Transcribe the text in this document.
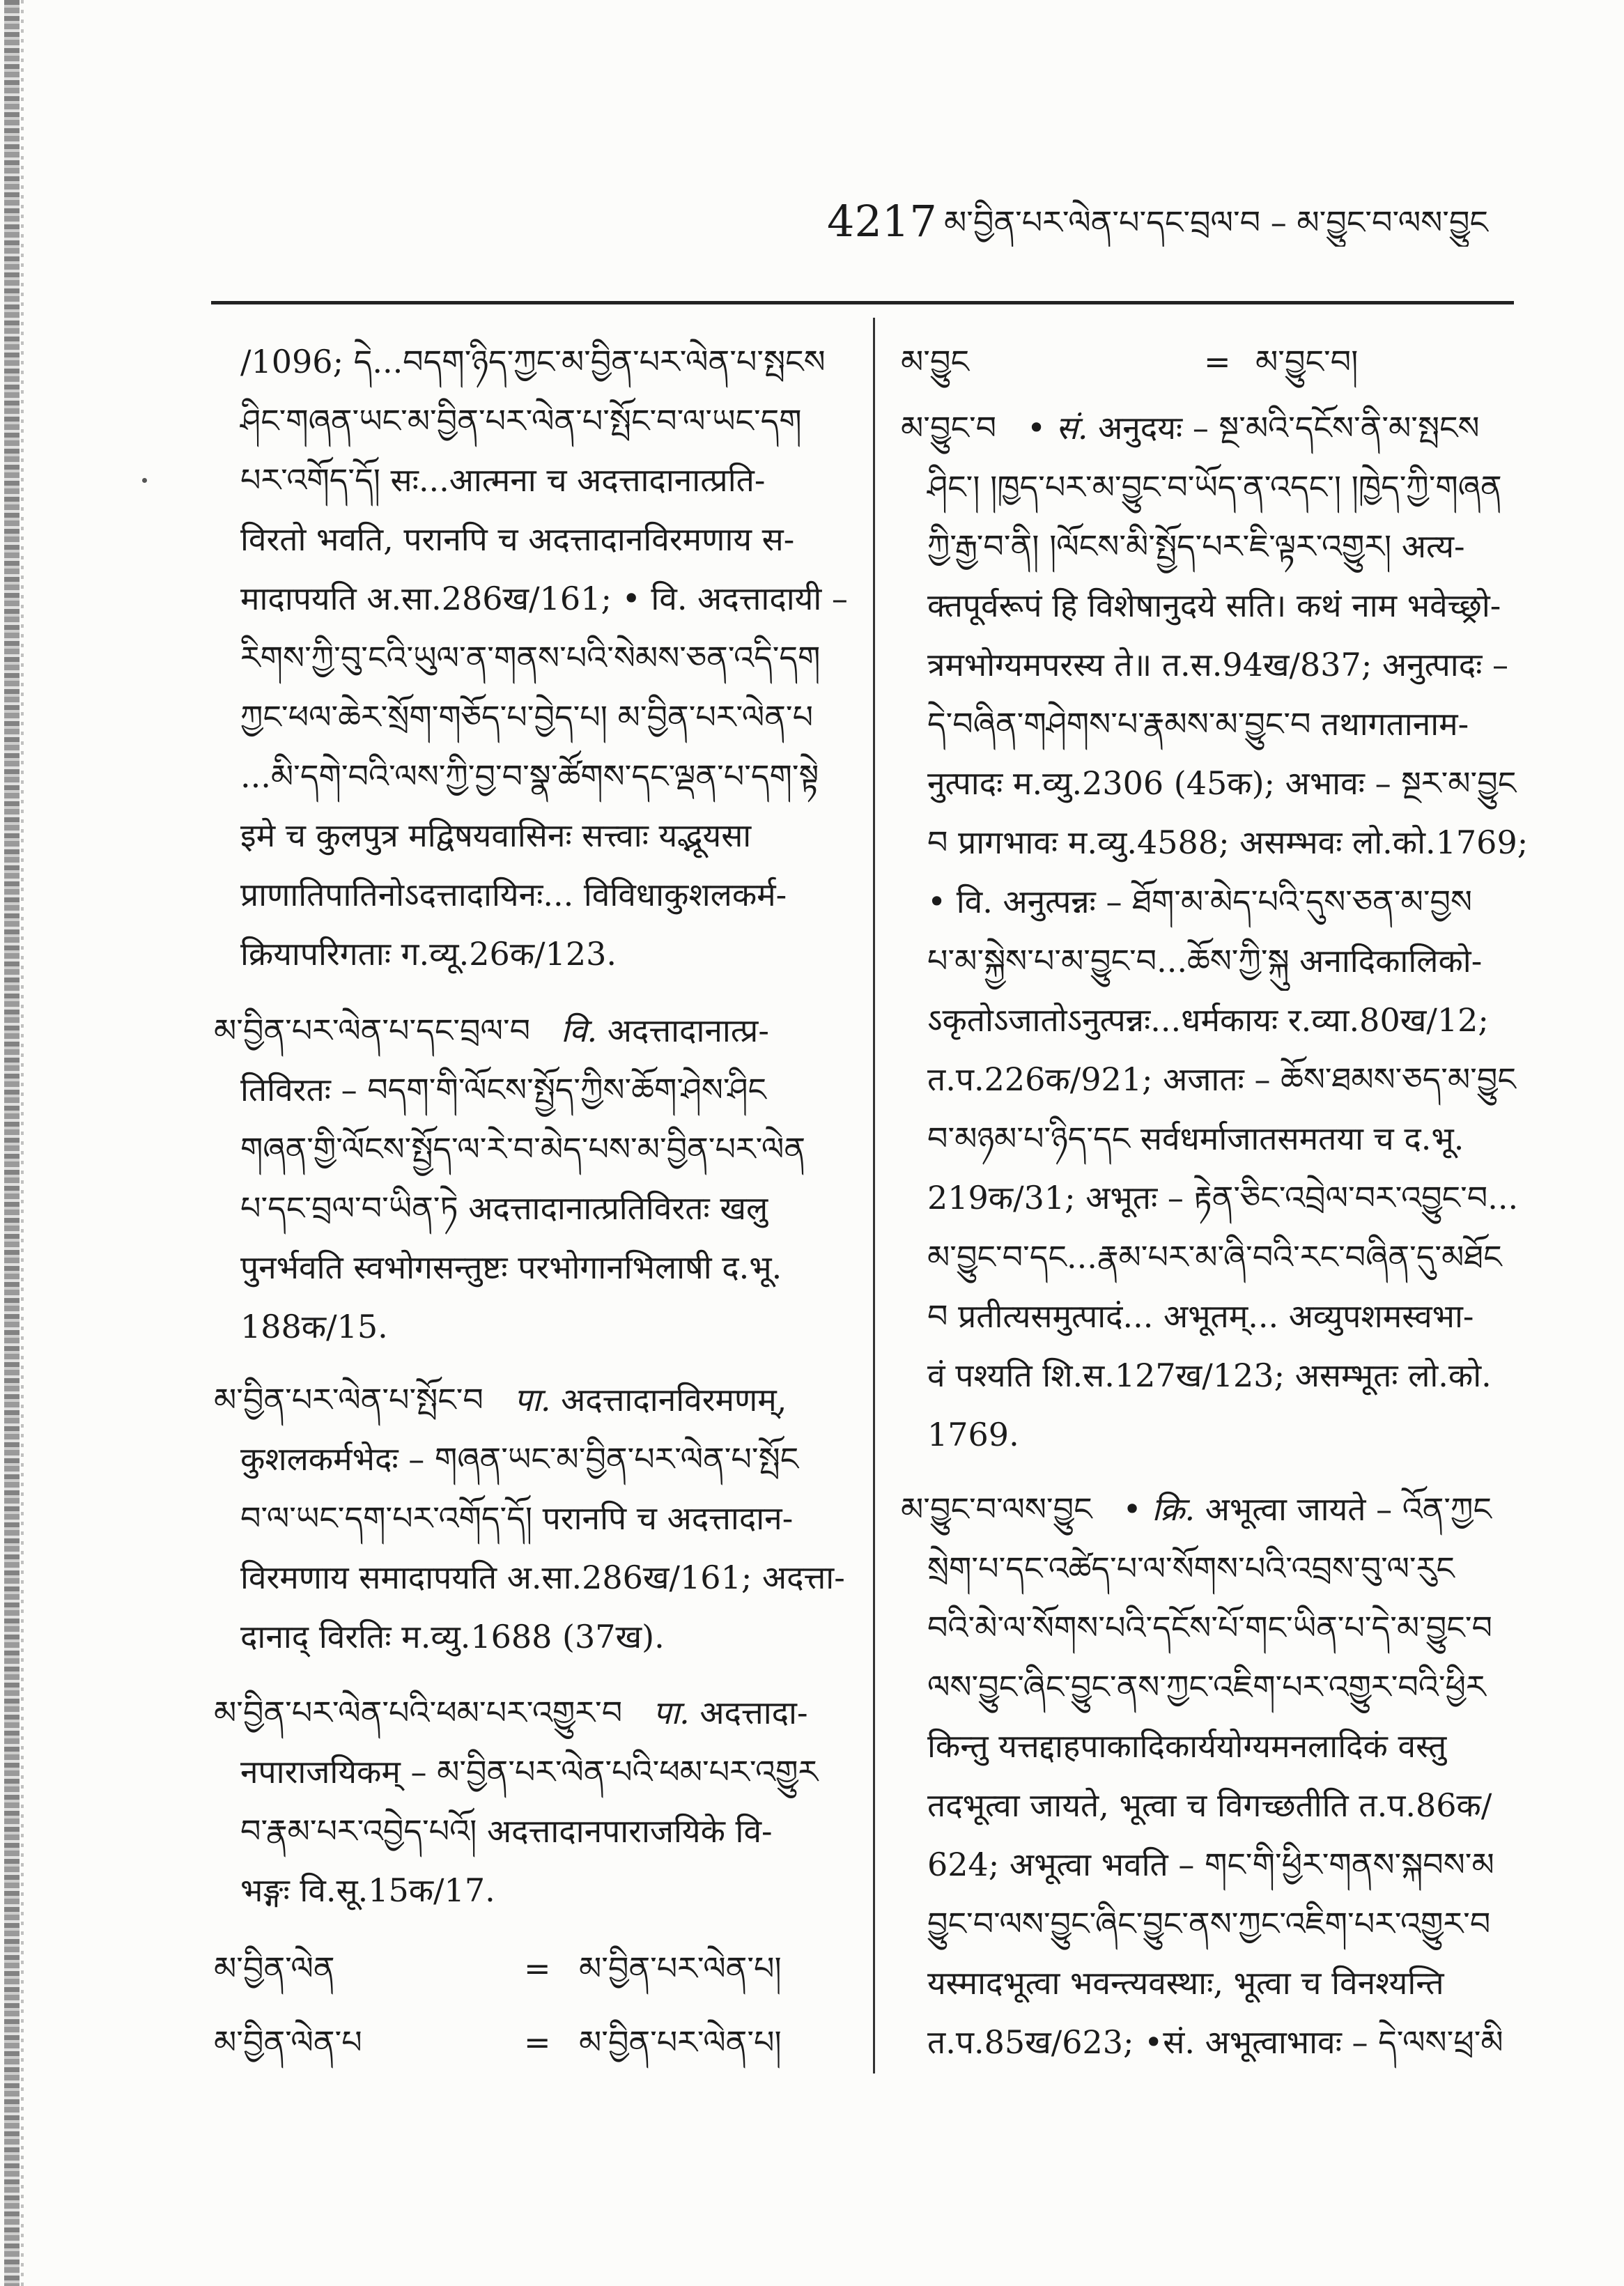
4217 མ་བྱིན་པར་ལེན་པ་དང་བྲལ་བ – མ་བྱུང་བ་ལས་བྱུང
/1096; དེ...བདག་ཉིད་ཀྱང་མ་བྱིན་པར་ལེན་པ་སྤངས
ཤིང་གཞན་ཡང་མ་བྱིན་པར་ལེན་པ་སྤོང་བ་ལ་ཡང་དག
པར་འགོད་དོ། सः...आत्मना च अदत्तादानात्प्रति-
विरतो भवति, परानपि च अदत्तादानविरमणाय स-
मादापयति अ.सा.286ख/161; • वि. अदत्तादायी –
རིགས་ཀྱི་བུ་ངའི་ཡུལ་ན་གནས་པའི་སེམས་ཅན་འདི་དག
ཀྱང་ཕལ་ཆེར་སྲོག་གཅོད་པ་བྱེད་པ། མ་བྱིན་པར་ལེན་པ
...མི་དགེ་བའི་ལས་ཀྱི་བྱ་བ་སྣ་ཚོགས་དང་ལྡན་པ་དག་སྟེ
इमे च कुलपुत्र मद्विषयवासिनः सत्त्वाः यद्भूयसा
प्राणातिपातिनोऽदत्तादायिनः... विविधाकुशलकर्म-
क्रियापरिगताः ग.व्यू.26क/123.
མ་བྱིན་པར་ལེན་པ་དང་བྲལ་བ वि. अदत्तादानात्प्र-
तिविरतः – བདག་གི་ལོངས་སྤྱོད་ཀྱིས་ཆོག་ཤེས་ཤིང
གཞན་གྱི་ལོངས་སྤྱོད་ལ་རེ་བ་མེད་པས་མ་བྱིན་པར་ལེན
པ་དང་བྲལ་བ་ཡིན་ཏེ अदत्तादानात्प्रतिविरतः खलु
पुनर्भवति स्वभोगसन्तुष्टः परभोगानभिलाषी द.भू.
188क/15.
མ་བྱིན་པར་ལེན་པ་སྤོང་བ पा. अदत्तादानविरमणम्,
कुशलकर्मभेदः – གཞན་ཡང་མ་བྱིན་པར་ལེན་པ་སྤོང
བ་ལ་ཡང་དག་པར་འགོད་དོ། परानपि च अदत्तादान-
विरमणाय समादापयति अ.सा.286ख/161; अदत्ता-
दानाद् विरतिः म.व्यु.1688 (37ख).
མ་བྱིན་པར་ལེན་པའི་ཕམ་པར་འགྱུར་བ पा. अदत्तादा-
नपाराजयिकम् – མ་བྱིན་པར་ལེན་པའི་ཕམ་པར་འགྱུར
བ་རྣམ་པར་འབྱེད་པའོ། अदत्तादानपाराजयिके वि-
भङ्गः वि.सू.15क/17.
མ་བྱིན་ལེན	= མ་བྱིན་པར་ལེན་པ།
མ་བྱིན་ལེན་པ	= མ་བྱིན་པར་ལེན་པ།
མ་བྱུང	= མ་བྱུང་བ།
མ་བྱུང་བ • सं. अनुदयः – སྔ་མའི་དངོས་ནི་མ་སྤངས
ཤིང་། །ཁྱད་པར་མ་བྱུང་བ་ཡོད་ན་འདང་། །ཁྱེད་ཀྱི་གཞན
ཀྱི་རྒྱ་བ་ནི། །ལོངས་མི་སྤྱོད་པར་ཇི་ལྟར་འགྱུར། अत्य-
क्तपूर्वरूपं हि विशेषानुदये सति। कथं नाम भवेच्छ्रो-
त्रमभोग्यमपरस्य ते॥ त.स.94ख/837; अनुत्पादः –
དེ་བཞིན་གཤེགས་པ་རྣམས་མ་བྱུང་བ तथागतानाम-
नुत्पादः म.व्यु.2306 (45क); अभावः – སྔར་མ་བྱུང
བ प्रागभावः म.व्यु.4588; असम्भवः लो.को.1769;
• वि. अनुत्पन्नः – ཐོག་མ་མེད་པའི་དུས་ཅན་མ་བྱས
པ་མ་སྐྱེས་པ་མ་བྱུང་བ...ཆོས་ཀྱི་སྐུ अनादिकालिको-
ऽकृतोऽजातोऽनुत्पन्नः...धर्मकायः र.व्या.80ख/12;
त.प.226क/921; अजातः – ཆོས་ཐམས་ཅད་མ་བྱུང
བ་མཉམ་པ་ཉིད་དང सर्वधर्माजातसमतया च द.भू.
219क/31; अभूतः – རྟེན་ཅིང་འབྲེལ་བར་འབྱུང་བ...
མ་བྱུང་བ་དང...རྣམ་པར་མ་ཞི་བའི་རང་བཞིན་དུ་མཐོང
བ प्रतीत्यसमुत्पादं... अभूतम्... अव्युपशमस्वभा-
वं पश्यति शि.स.127ख/123; असम्भूतः लो.को.
1769.
མ་བྱུང་བ་ལས་བྱུང • क्रि. अभूत्वा जायते – འོན་ཀྱང
སྲེག་པ་དང་འཚེད་པ་ལ་སོགས་པའི་འབྲས་བུ་ལ་རུང
བའི་མེ་ལ་སོགས་པའི་དངོས་པོ་གང་ཡིན་པ་དེ་མ་བྱུང་བ
ལས་བྱུང་ཞིང་བྱུང་ནས་ཀྱང་འཇིག་པར་འགྱུར་བའི་ཕྱིར
किन्तु यत्तद्दाहपाकादिकार्ययोग्यमनलादिकं वस्तु
तदभूत्वा जायते, भूत्वा च विगच्छतीति त.प.86क/
624; अभूत्वा भवति – གང་གི་ཕྱིར་གནས་སྐབས་མ
བྱུང་བ་ལས་བྱུང་ཞིང་བྱུང་ནས་ཀྱང་འཇིག་པར་འགྱུར་བ
यस्मादभूत्वा भवन्त्यवस्थाः, भूत्वा च विनश्यन्ति
त.प.85ख/623; •सं. अभूत्वाभावः – དེ་ལས་ཕྲ་མི
